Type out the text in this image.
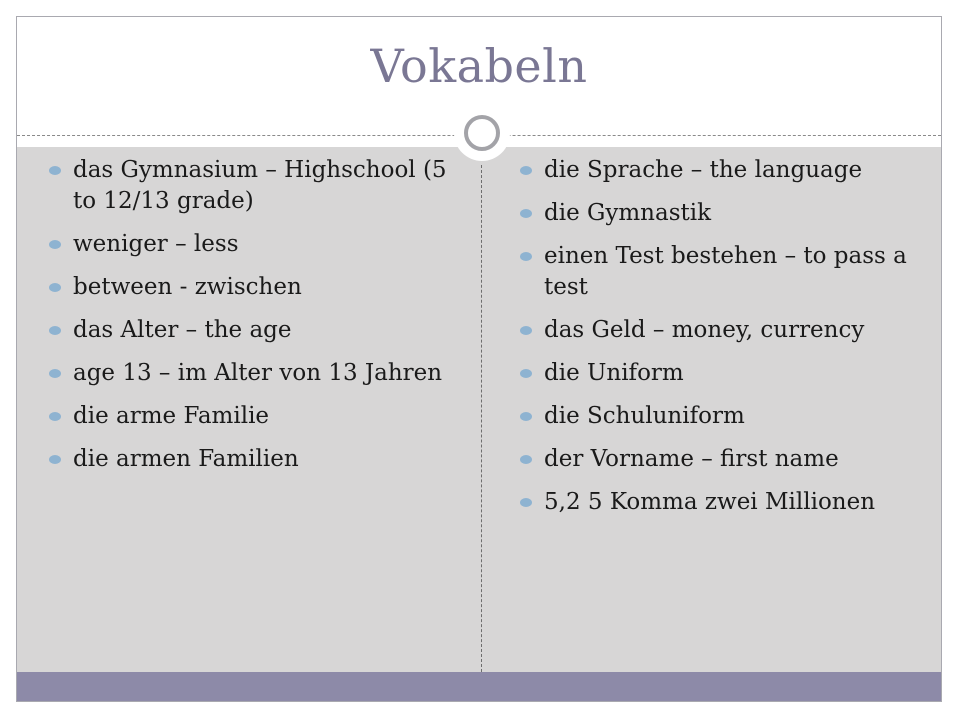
Vokabeln
das Gymnasium – Highschool (5 to 12/13 grade)
weniger – less
between - zwischen
das Alter – the age
age 13 – im Alter von 13 Jahren
die arme Familie
die armen Familien
die Sprache – the language
die Gymnastik
einen Test bestehen – to pass a test
das Geld – money, currency
die Uniform
die Schuluniform
der Vorname – first name
5,2 5 Komma zwei Millionen
